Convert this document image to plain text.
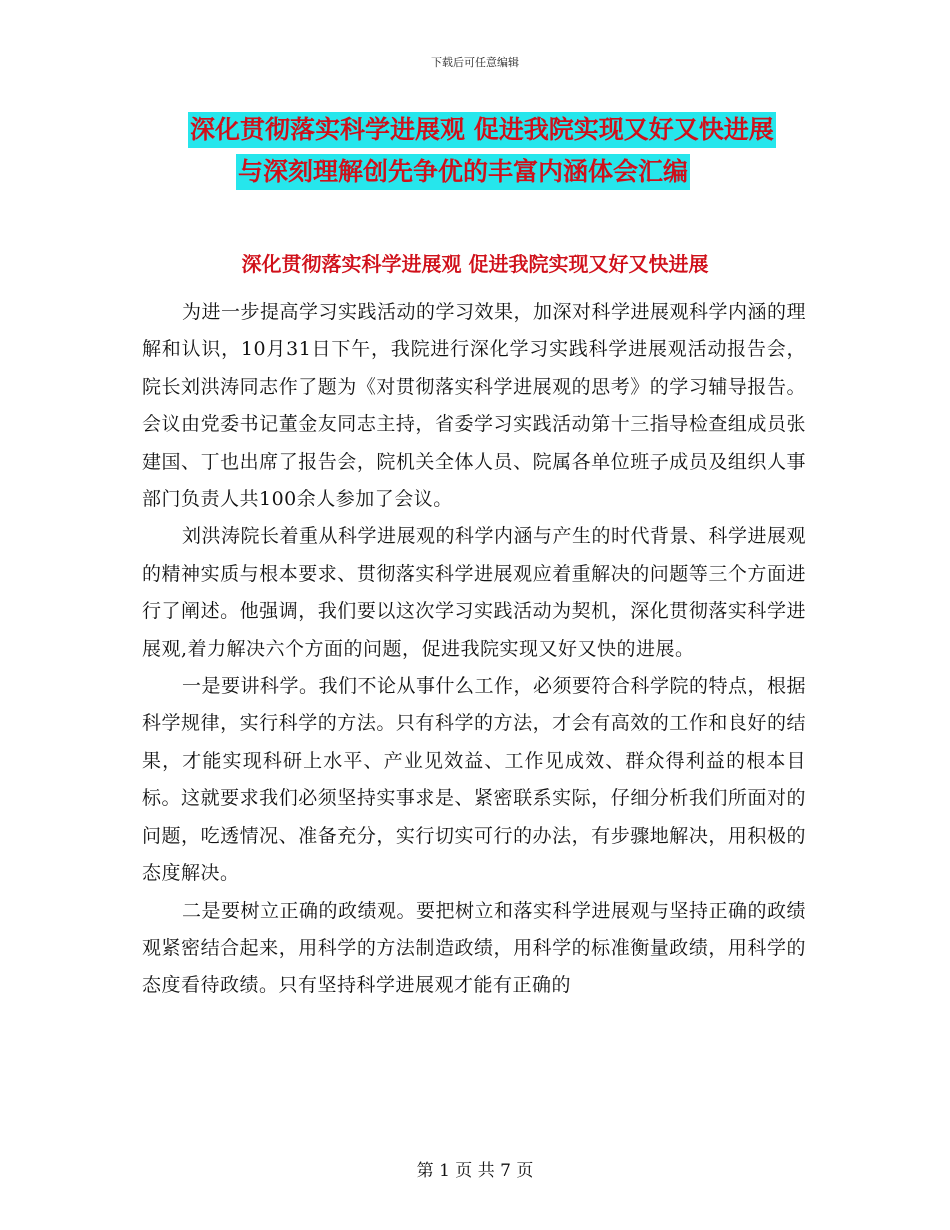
下载后可任意编辑
深化贯彻落实科学进展观 促进我院实现又好又快进展
与深刻理解创先争优的丰富内涵体会汇编
深化贯彻落实科学进展观 促进我院实现又好又快进展

为进一步提高学习实践活动的学习效果，加深对科学进展观科学内涵的理解和认识，10月31日下午，我院进行深化学习实践科学进展观活动报告会，院长刘洪涛同志作了题为《对贯彻落实科学进展观的思考》的学习辅导报告。会议由党委书记董金友同志主持，省委学习实践活动第十三指导检查组成员张建国、丁也出席了报告会，院机关全体人员、院属各单位班子成员及组织人事部门负责人共100余人参加了会议。

刘洪涛院长着重从科学进展观的科学内涵与产生的时代背景、科学进展观的精神实质与根本要求、贯彻落实科学进展观应着重解决的问题等三个方面进行了阐述。他强调，我们要以这次学习实践活动为契机，深化贯彻落实科学进展观,着力解决六个方面的问题，促进我院实现又好又快的进展。

一是要讲科学。我们不论从事什么工作，必须要符合科学院的特点，根据科学规律，实行科学的方法。只有科学的方法，才会有高效的工作和良好的结果，才能实现科研上水平、产业见效益、工作见成效、群众得利益的根本目标。这就要求我们必须坚持实事求是、紧密联系实际，仔细分析我们所面对的问题，吃透情况、准备充分，实行切实可行的办法，有步骤地解决，用积极的态度解决。

二是要树立正确的政绩观。要把树立和落实科学进展观与坚持正确的政绩观紧密结合起来，用科学的方法制造政绩，用科学的标准衡量政绩，用科学的态度看待政绩。只有坚持科学进展观才能有正确的

第 1 页 共 7 页
